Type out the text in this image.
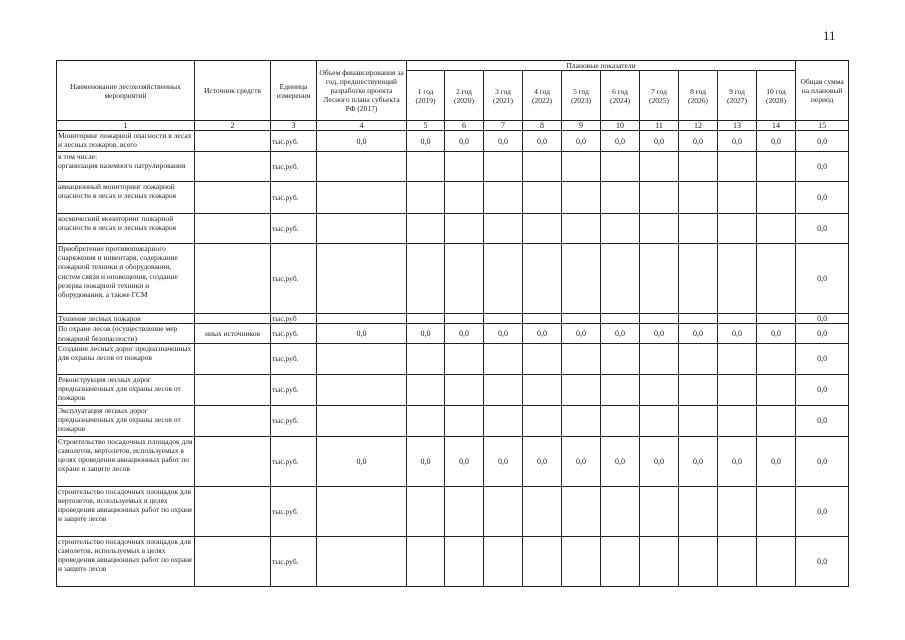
11
Наименование лесохозяйственных мероприятий	Источник средств	Единица измерения	Объем финансирования за год, предшествующий разработке проекта Лесного плана субъекта РФ (2017)	Плановые показатели										Общая сумма на плановый период
				1 год (2019)	2 год (2020)	3 год (2021)	4 год (2022)	5 год (2023)	6 год (2024)	7 год (2025)	8 год (2026)	9 год (2027)	10 год (2028)	
1	2	3	4	5	6	7	8	9	10	11	12	13	14	15
Мониторинг пожарной опасности в лесах и лесных пожаров, всего		тыс.руб.	0,0	0,0	0,0	0,0	0,0	0,0	0,0	0,0	0,0	0,0	0,0	0,0
в том числе:
организация наземного патрулирования		тыс.руб.												0,0
авиационный мониторинг пожарной опасности в лесах и лесных пожаров		тыс.руб.												0,0
космический мониторинг пожарной опасности в лесах и лесных пожаров		тыс.руб.												0,0
Приобретение противопожарного снаряжения и инвентаря, содержание пожарной техники и оборудования, систем связи и оповещения, создание резерва пожарной техники и оборудования, а также ГСМ		тыс.руб.												0,0
Тушение лесных пожаров		тыс.руб												0,0
По охране лесов (осуществление мер пожарной безопасности)	иных источников	тыс.руб.	0,0	0,0	0,0	0,0	0,0	0,0	0,0	0,0	0,0	0,0	0,0	0,0
Создание лесных дорог предназначенных для охраны лесов от пожаров		тыс.руб.												0,0
Реконструкция лесных дорог предназначенных для охраны лесов от пожаров		тыс.руб.												0,0
Эксплуатация лесных дорог предназначенных для охраны лесов от пожаров		тыс.руб.												0,0
Строительство посадочных площадок для самолетов, вертолетов, используемых в целях проведения авиационных работ по охране и защите лесов		тыс.руб.	0,0	0,0	0,0	0,0	0,0	0,0	0,0	0,0	0,0	0,0	0,0	0,0
строительство посадочных площадок для вертолетов, используемых в целях проведения авиационных работ по охране и защите лесов		тыс.руб.												0,0
строительство посадочных площадок для самолетов, используемых в целях проведения авиационных работ по охране и защите лесов		тыс.руб.												0,0
